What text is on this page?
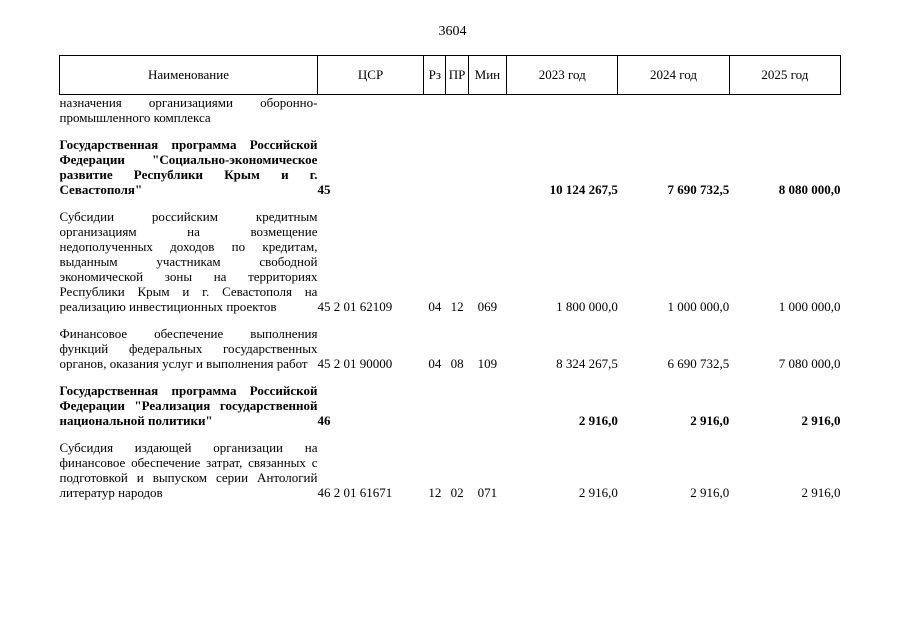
3604
Наименование	ЦСР	Рз	ПР	Мин	2023 год	2024 год	2025 год
назначения организациями оборонно-промышленного комплекса							

Государственная программа Российской Федерации "Социально-экономическое развитие Республики Крым и г. Севастополя"	45				10 124 267,5	7 690 732,5	8 080 000,0

Субсидии российским кредитным организациям на возмещение недополученных доходов по кредитам, выданным участникам свободной экономической зоны на территориях Республики Крым и г. Севастополя на реализацию инвестиционных проектов	45 2 01 62109	04	12	069	1 800 000,0	1 000 000,0	1 000 000,0

Финансовое обеспечение выполнения функций федеральных государственных органов, оказания услуг и выполнения работ	45 2 01 90000	04	08	109	8 324 267,5	6 690 732,5	7 080 000,0

Государственная программа Российской Федерации "Реализация государственной национальной политики"	46				2 916,0	2 916,0	2 916,0

Субсидия издающей организации на финансовое обеспечение затрат, связанных с подготовкой и выпуском серии Антологий литератур народов	46 2 01 61671	12	02	071	2 916,0	2 916,0	2 916,0
